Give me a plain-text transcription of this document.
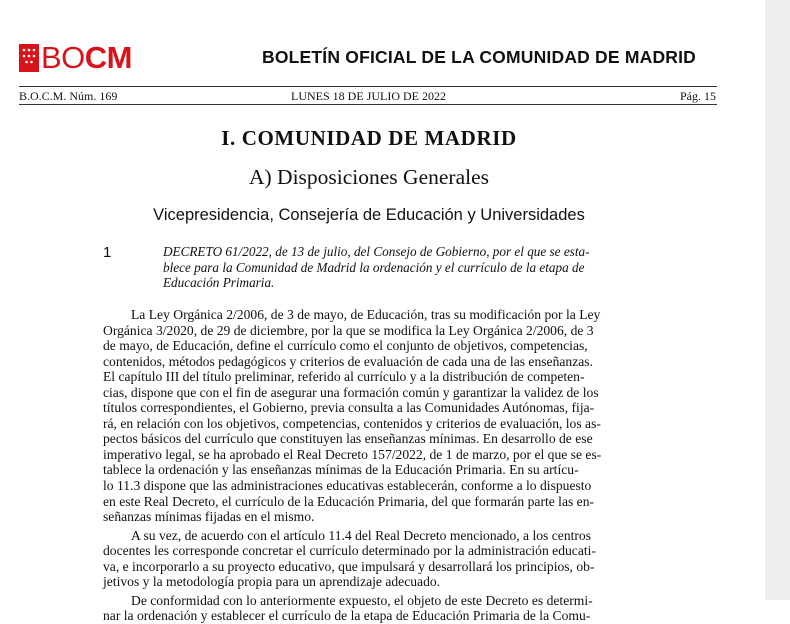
BOCM	BOLETÍN OFICIAL DE LA COMUNIDAD DE MADRID
B.O.C.M. Núm. 169	LUNES 18 DE JULIO DE 2022	Pág. 15
I. COMUNIDAD DE MADRID
A) Disposiciones Generales
Vicepresidencia, Consejería de Educación y Universidades
1	DECRETO 61/2022, de 13 de julio, del Consejo de Gobierno, por el que se esta-
blece para la Comunidad de Madrid la ordenación y el currículo de la etapa de
Educación Primaria.
La Ley Orgánica 2/2006, de 3 de mayo, de Educación, tras su modificación por la Ley
Orgánica 3/2020, de 29 de diciembre, por la que se modifica la Ley Orgánica 2/2006, de 3
de mayo, de Educación, define el currículo como el conjunto de objetivos, competencias,
contenidos, métodos pedagógicos y criterios de evaluación de cada una de las enseñanzas.
El capítulo III del título preliminar, referido al currículo y a la distribución de competen-
cias, dispone que con el fin de asegurar una formación común y garantizar la validez de los
títulos correspondientes, el Gobierno, previa consulta a las Comunidades Autónomas, fija-
rá, en relación con los objetivos, competencias, contenidos y criterios de evaluación, los as-
pectos básicos del currículo que constituyen las enseñanzas mínimas. En desarrollo de ese
imperativo legal, se ha aprobado el Real Decreto 157/2022, de 1 de marzo, por el que se es-
tablece la ordenación y las enseñanzas mínimas de la Educación Primaria. En su artícu-
lo 11.3 dispone que las administraciones educativas establecerán, conforme a lo dispuesto
en este Real Decreto, el currículo de la Educación Primaria, del que formarán parte las en-
señanzas mínimas fijadas en el mismo.
A su vez, de acuerdo con el artículo 11.4 del Real Decreto mencionado, a los centros
docentes les corresponde concretar el currículo determinado por la administración educati-
va, e incorporarlo a su proyecto educativo, que impulsará y desarrollará los principios, ob-
jetivos y la metodología propia para un aprendizaje adecuado.
De conformidad con lo anteriormente expuesto, el objeto de este Decreto es determi-
nar la ordenación y establecer el currículo de la etapa de Educación Primaria de la Comu-
